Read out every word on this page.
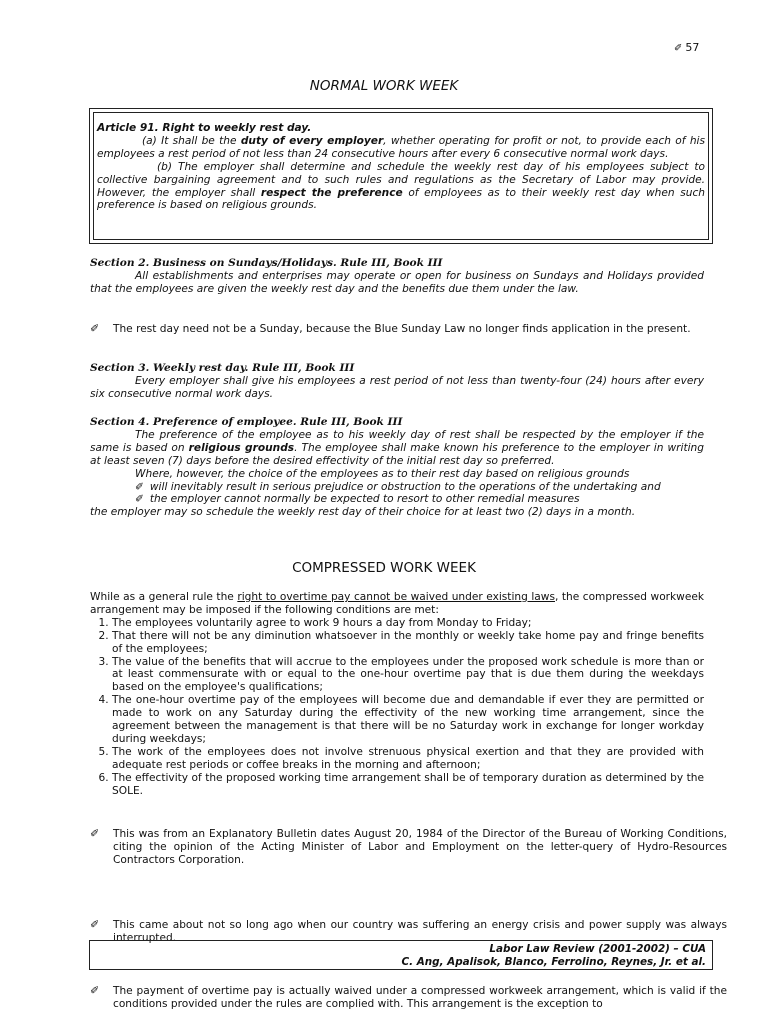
✐ 57
NORMAL WORK WEEK

Article 91. Right to weekly rest day.

(a) It shall be the duty of every employer, whether operating for profit or not, to provide each of his employees a rest period of not less than 24 consecutive hours after every 6 consecutive normal work days.

(b) The employer shall determine and schedule the weekly rest day of his employees subject to collective bargaining agreement and to such rules and regulations as the Secretary of Labor may provide. However, the employer shall respect the preference of employees as to their weekly rest day when such preference is based on religious grounds.

Section 2. Business on Sundays/Holidays. Rule III, Book III

All establishments and enterprises may operate or open for business on Sundays and Holidays provided that the employees are given the weekly rest day and the benefits due them under the law.

✐ The rest day need not be a Sunday, because the Blue Sunday Law no longer finds application in the present.

Section 3. Weekly rest day. Rule III, Book III

Every employer shall give his employees a rest period of not less than twenty-four (24) hours after every six consecutive normal work days.

Section 4. Preference of employee. Rule III, Book III

The preference of the employee as to his weekly day of rest shall be respected by the employer if the same is based on religious grounds. The employee shall make known his preference to the employer in writing at least seven (7) days before the desired effectivity of the initial rest day so preferred.

Where, however, the choice of the employees as to their rest day based on religious grounds

✐ will inevitably result in serious prejudice or obstruction to the operations of the undertaking and

✐ the employer cannot normally be expected to resort to other remedial measures

the employer may so schedule the weekly rest day of their choice for at least two (2) days in a month.

COMPRESSED WORK WEEK

While as a general rule the right to overtime pay cannot be waived under existing laws, the compressed workweek arrangement may be imposed if the following conditions are met:

1. The employees voluntarily agree to work 9 hours a day from Monday to Friday;
2. That there will not be any diminution whatsoever in the monthly or weekly take home pay and fringe benefits of the employees;
3. The value of the benefits that will accrue to the employees under the proposed work schedule is more than or at least commensurate with or equal to the one-hour overtime pay that is due them during the weekdays based on the employee's qualifications;
4. The one-hour overtime pay of the employees will become due and demandable if ever they are permitted or made to work on any Saturday during the effectivity of the new working time arrangement, since the agreement between the management is that there will be no Saturday work in exchange for longer workday during weekdays;
5. The work of the employees does not involve strenuous physical exertion and that they are provided with adequate rest periods or coffee breaks in the morning and afternoon;
6. The effectivity of the proposed working time arrangement shall be of temporary duration as determined by the SOLE.
✐ This was from an Explanatory Bulletin dates August 20, 1984 of the Director of the Bureau of Working Conditions, citing the opinion of the Acting Minister of Labor and Employment on the letter-query of Hydro-Resources Contractors Corporation.

✐ This came about not so long ago when our country was suffering an energy crisis and power supply was always interrupted.

✐ The payment of overtime pay is actually waived under a compressed workweek arrangement, which is valid if the conditions provided under the rules are complied with. This arrangement is the exception to

Labor Law Review (2001-2002) – CUA
C. Ang, Apalisok, Blanco, Ferrolino, Reynes, Jr. et al.
